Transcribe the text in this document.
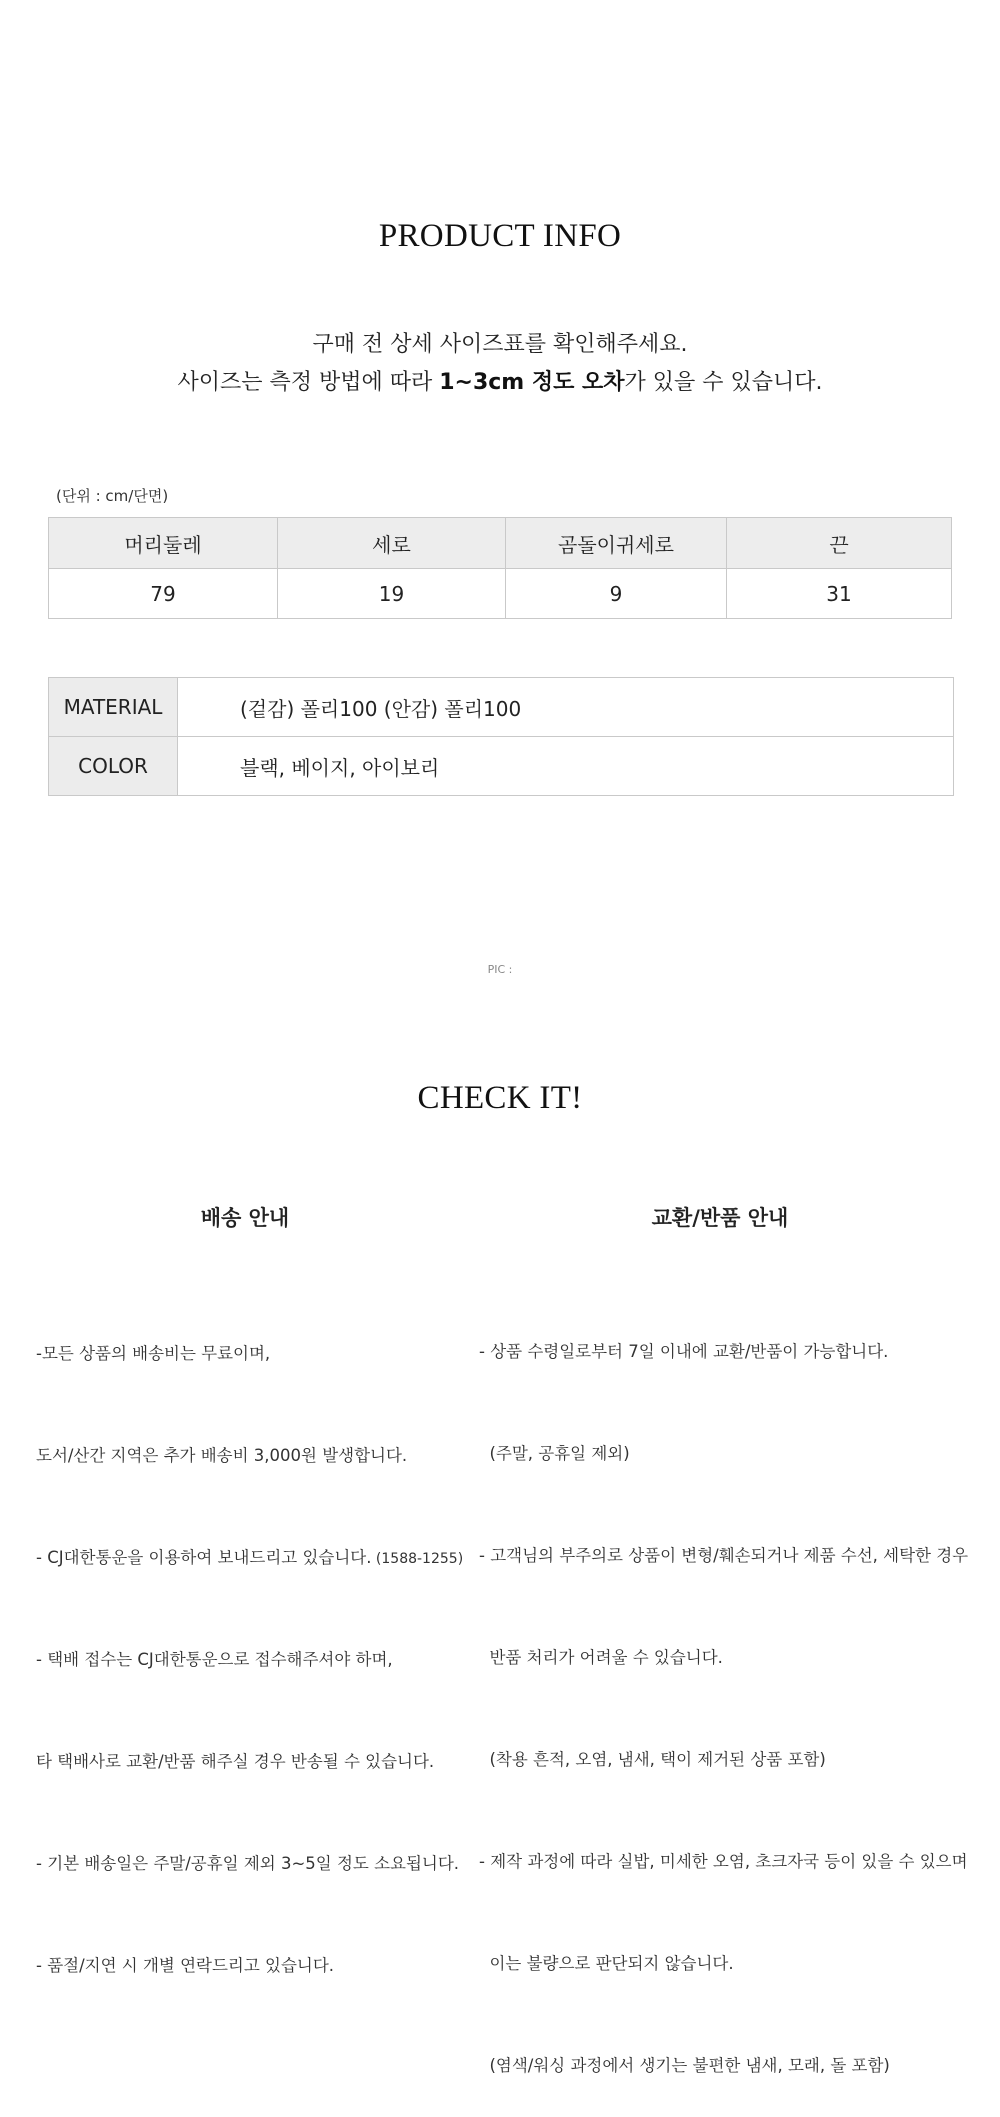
PRODUCT INFO
구매 전 상세 사이즈표를 확인해주세요.
사이즈는 측정 방법에 따라 1~3cm 정도 오차가 있을 수 있습니다.
(단위 : cm/단면)
머리둘레	세로	곰돌이귀세로	끈
79	19	9	31
MATERIAL	(겉감) 폴리100 (안감) 폴리100
COLOR	블랙, 베이지, 아이보리
PIC :
CHECK IT!
배송 안내	교환/반품 안내

-모든 상품의 배송비는 무료이며,

도서/산간 지역은 추가 배송비 3,000원 발생합니다.

- CJ대한통운을 이용하여 보내드리고 있습니다. (1588-1255)

- 택배 접수는 CJ대한통운으로 접수해주셔야 하며,

타 택배사로 교환/반품 해주실 경우 반송될 수 있습니다.

- 기본 배송일은 주말/공휴일 제외 3~5일 정도 소요됩니다.

- 품절/지연 시 개별 연락드리고 있습니다.

- 상품 수령일로부터 7일 이내에 교환/반품이 가능합니다.

(주말, 공휴일 제외)

- 고객님의 부주의로 상품이 변형/훼손되거나 제품 수선, 세탁한 경우

반품 처리가 어려울 수 있습니다.

(착용 흔적, 오염, 냄새, 택이 제거된 상품 포함)

- 제작 과정에 따라 실밥, 미세한 오염, 초크자국 등이 있을 수 있으며

이는 불량으로 판단되지 않습니다.

(염색/워싱 과정에서 생기는 불편한 냄새, 모래, 돌 포함)
